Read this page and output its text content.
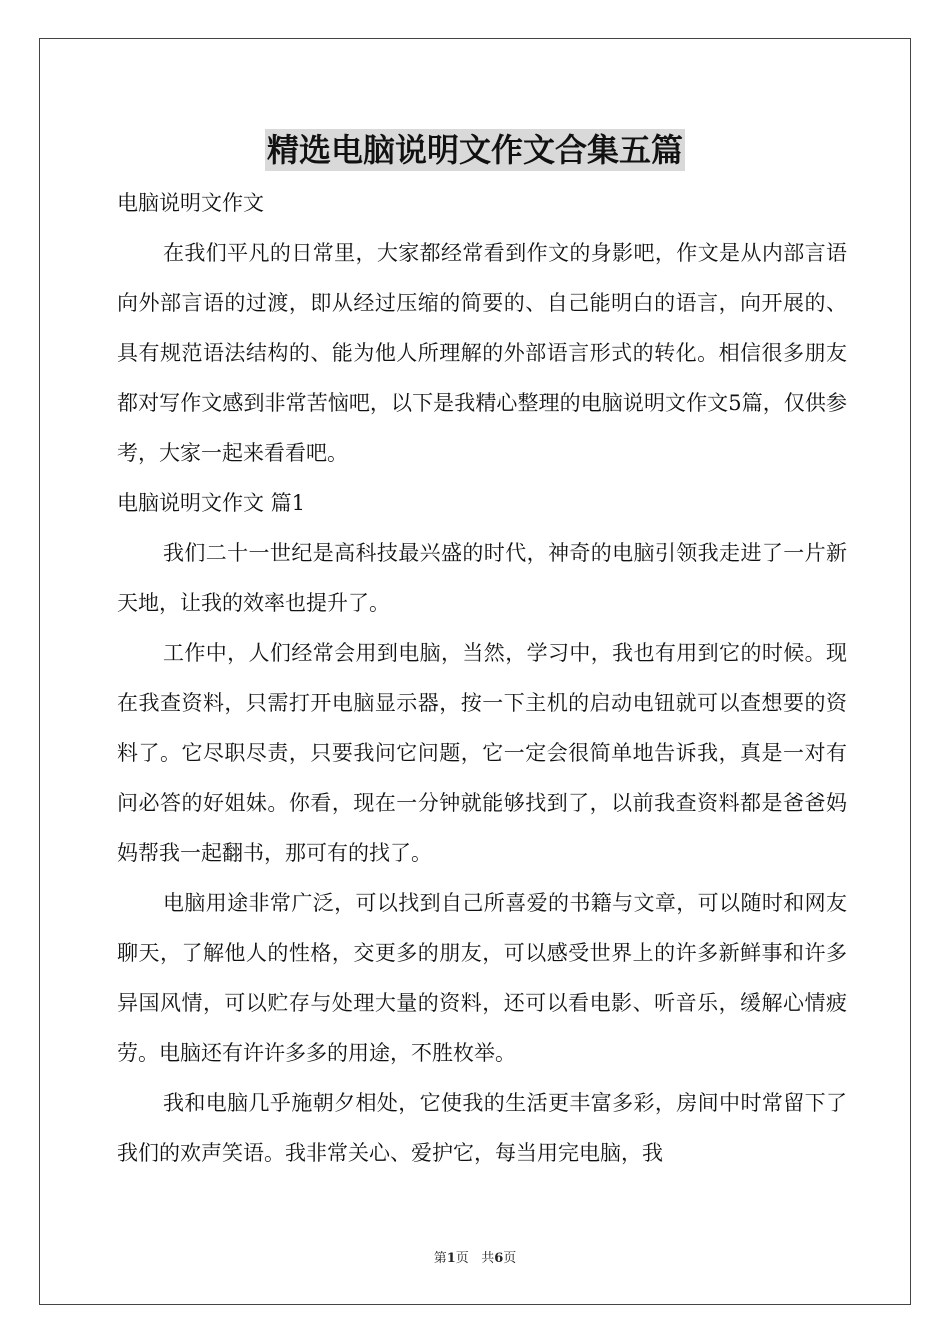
精选电脑说明文作文合集五篇

电脑说明文作文

在我们平凡的日常里，大家都经常看到作文的身影吧，作文是从内部言语向外部言语的过渡，即从经过压缩的简要的、自己能明白的语言，向开展的、具有规范语法结构的、能为他人所理解的外部语言形式的转化。相信很多朋友都对写作文感到非常苦恼吧，以下是我精心整理的电脑说明文作文5篇，仅供参考，大家一起来看看吧。

电脑说明文作文 篇1

我们二十一世纪是高科技最兴盛的时代，神奇的电脑引领我走进了一片新天地，让我的效率也提升了。

工作中，人们经常会用到电脑，当然，学习中，我也有用到它的时候。现在我查资料，只需打开电脑显示器，按一下主机的启动电钮就可以查想要的资料了。它尽职尽责，只要我问它问题，它一定会很简单地告诉我，真是一对有问必答的好姐妹。你看，现在一分钟就能够找到了，以前我查资料都是爸爸妈妈帮我一起翻书，那可有的找了。

电脑用途非常广泛，可以找到自己所喜爱的书籍与文章，可以随时和网友聊天，了解他人的性格，交更多的朋友，可以感受世界上的许多新鲜事和许多异国风情，可以贮存与处理大量的资料，还可以看电影、听音乐，缓解心情疲劳。电脑还有许许多多的用途，不胜枚举。

我和电脑几乎施朝夕相处，它使我的生活更丰富多彩，房间中时常留下了我们的欢声笑语。我非常关心、爱护它，每当用完电脑，我

第1页 共6页
